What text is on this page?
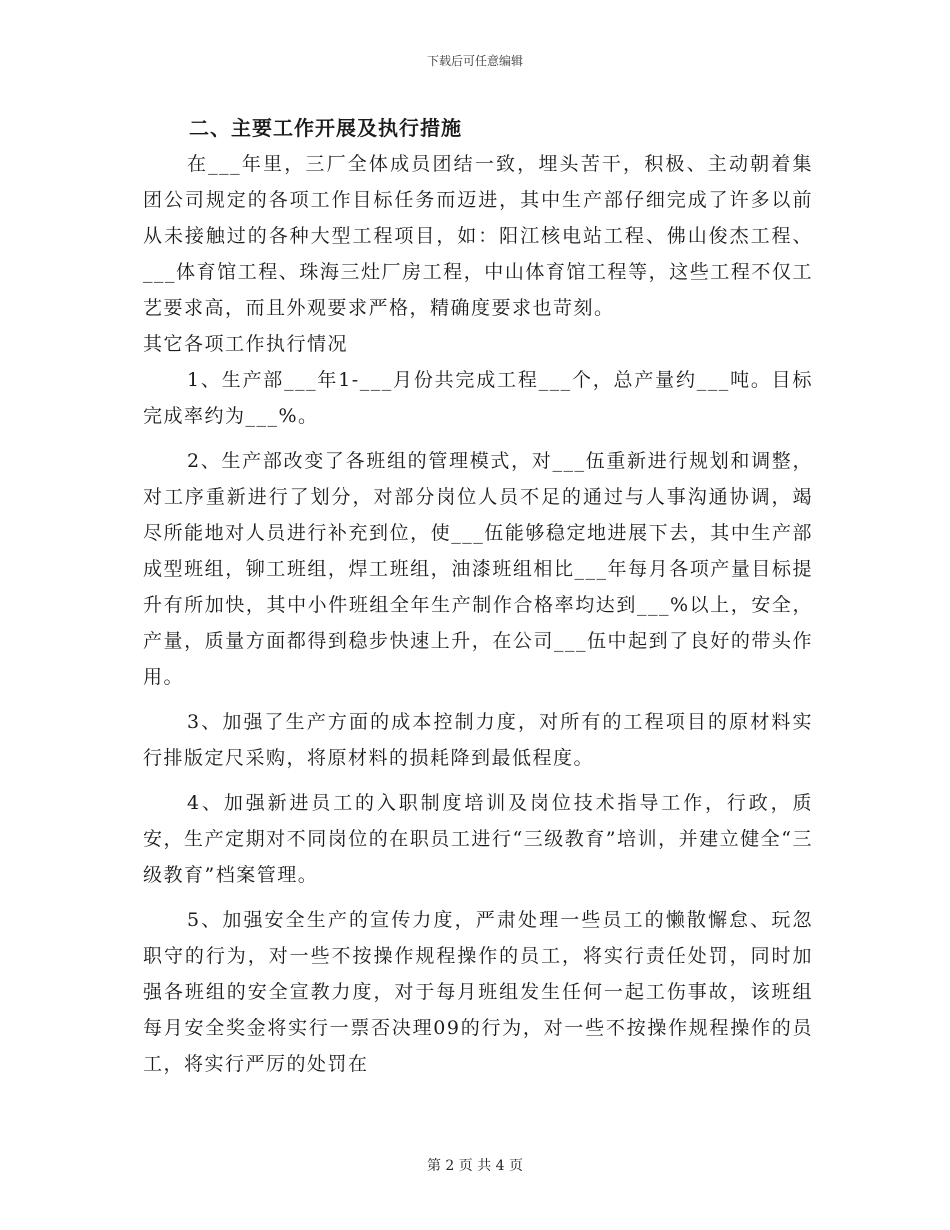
下载后可任意编辑

二、主要工作开展及执行措施

在___年里，三厂全体成员团结一致，埋头苦干，积极、主动朝着集团公司规定的各项工作目标任务而迈进，其中生产部仔细完成了许多以前从未接触过的各种大型工程项目，如：阳江核电站工程、佛山俊杰工程、___体育馆工程、珠海三灶厂房工程，中山体育馆工程等，这些工程不仅工艺要求高，而且外观要求严格，精确度要求也苛刻。

其它各项工作执行情况

1、生产部___年1-___月份共完成工程___个，总产量约___吨。目标完成率约为___%。

2、生产部改变了各班组的管理模式，对___伍重新进行规划和调整，对工序重新进行了划分，对部分岗位人员不足的通过与人事沟通协调，竭尽所能地对人员进行补充到位，使___伍能够稳定地进展下去，其中生产部成型班组，铆工班组，焊工班组，油漆班组相比___年每月各项产量目标提升有所加快，其中小件班组全年生产制作合格率均达到___%以上，安全，产量，质量方面都得到稳步快速上升，在公司___伍中起到了良好的带头作用。

3、加强了生产方面的成本控制力度，对所有的工程项目的原材料实行排版定尺采购，将原材料的损耗降到最低程度。

4、加强新进员工的入职制度培训及岗位技术指导工作，行政，质安，生产定期对不同岗位的在职员工进行“三级教育”培训，并建立健全“三级教育”档案管理。

5、加强安全生产的宣传力度，严肃处理一些员工的懒散懈怠、玩忽职守的行为，对一些不按操作规程操作的员工，将实行责任处罚，同时加强各班组的安全宣教力度，对于每月班组发生任何一起工伤事故，该班组每月安全奖金将实行一票否决理09的行为，对一些不按操作规程操作的员工，将实行严厉的处罚在

第 2 页 共 4 页
